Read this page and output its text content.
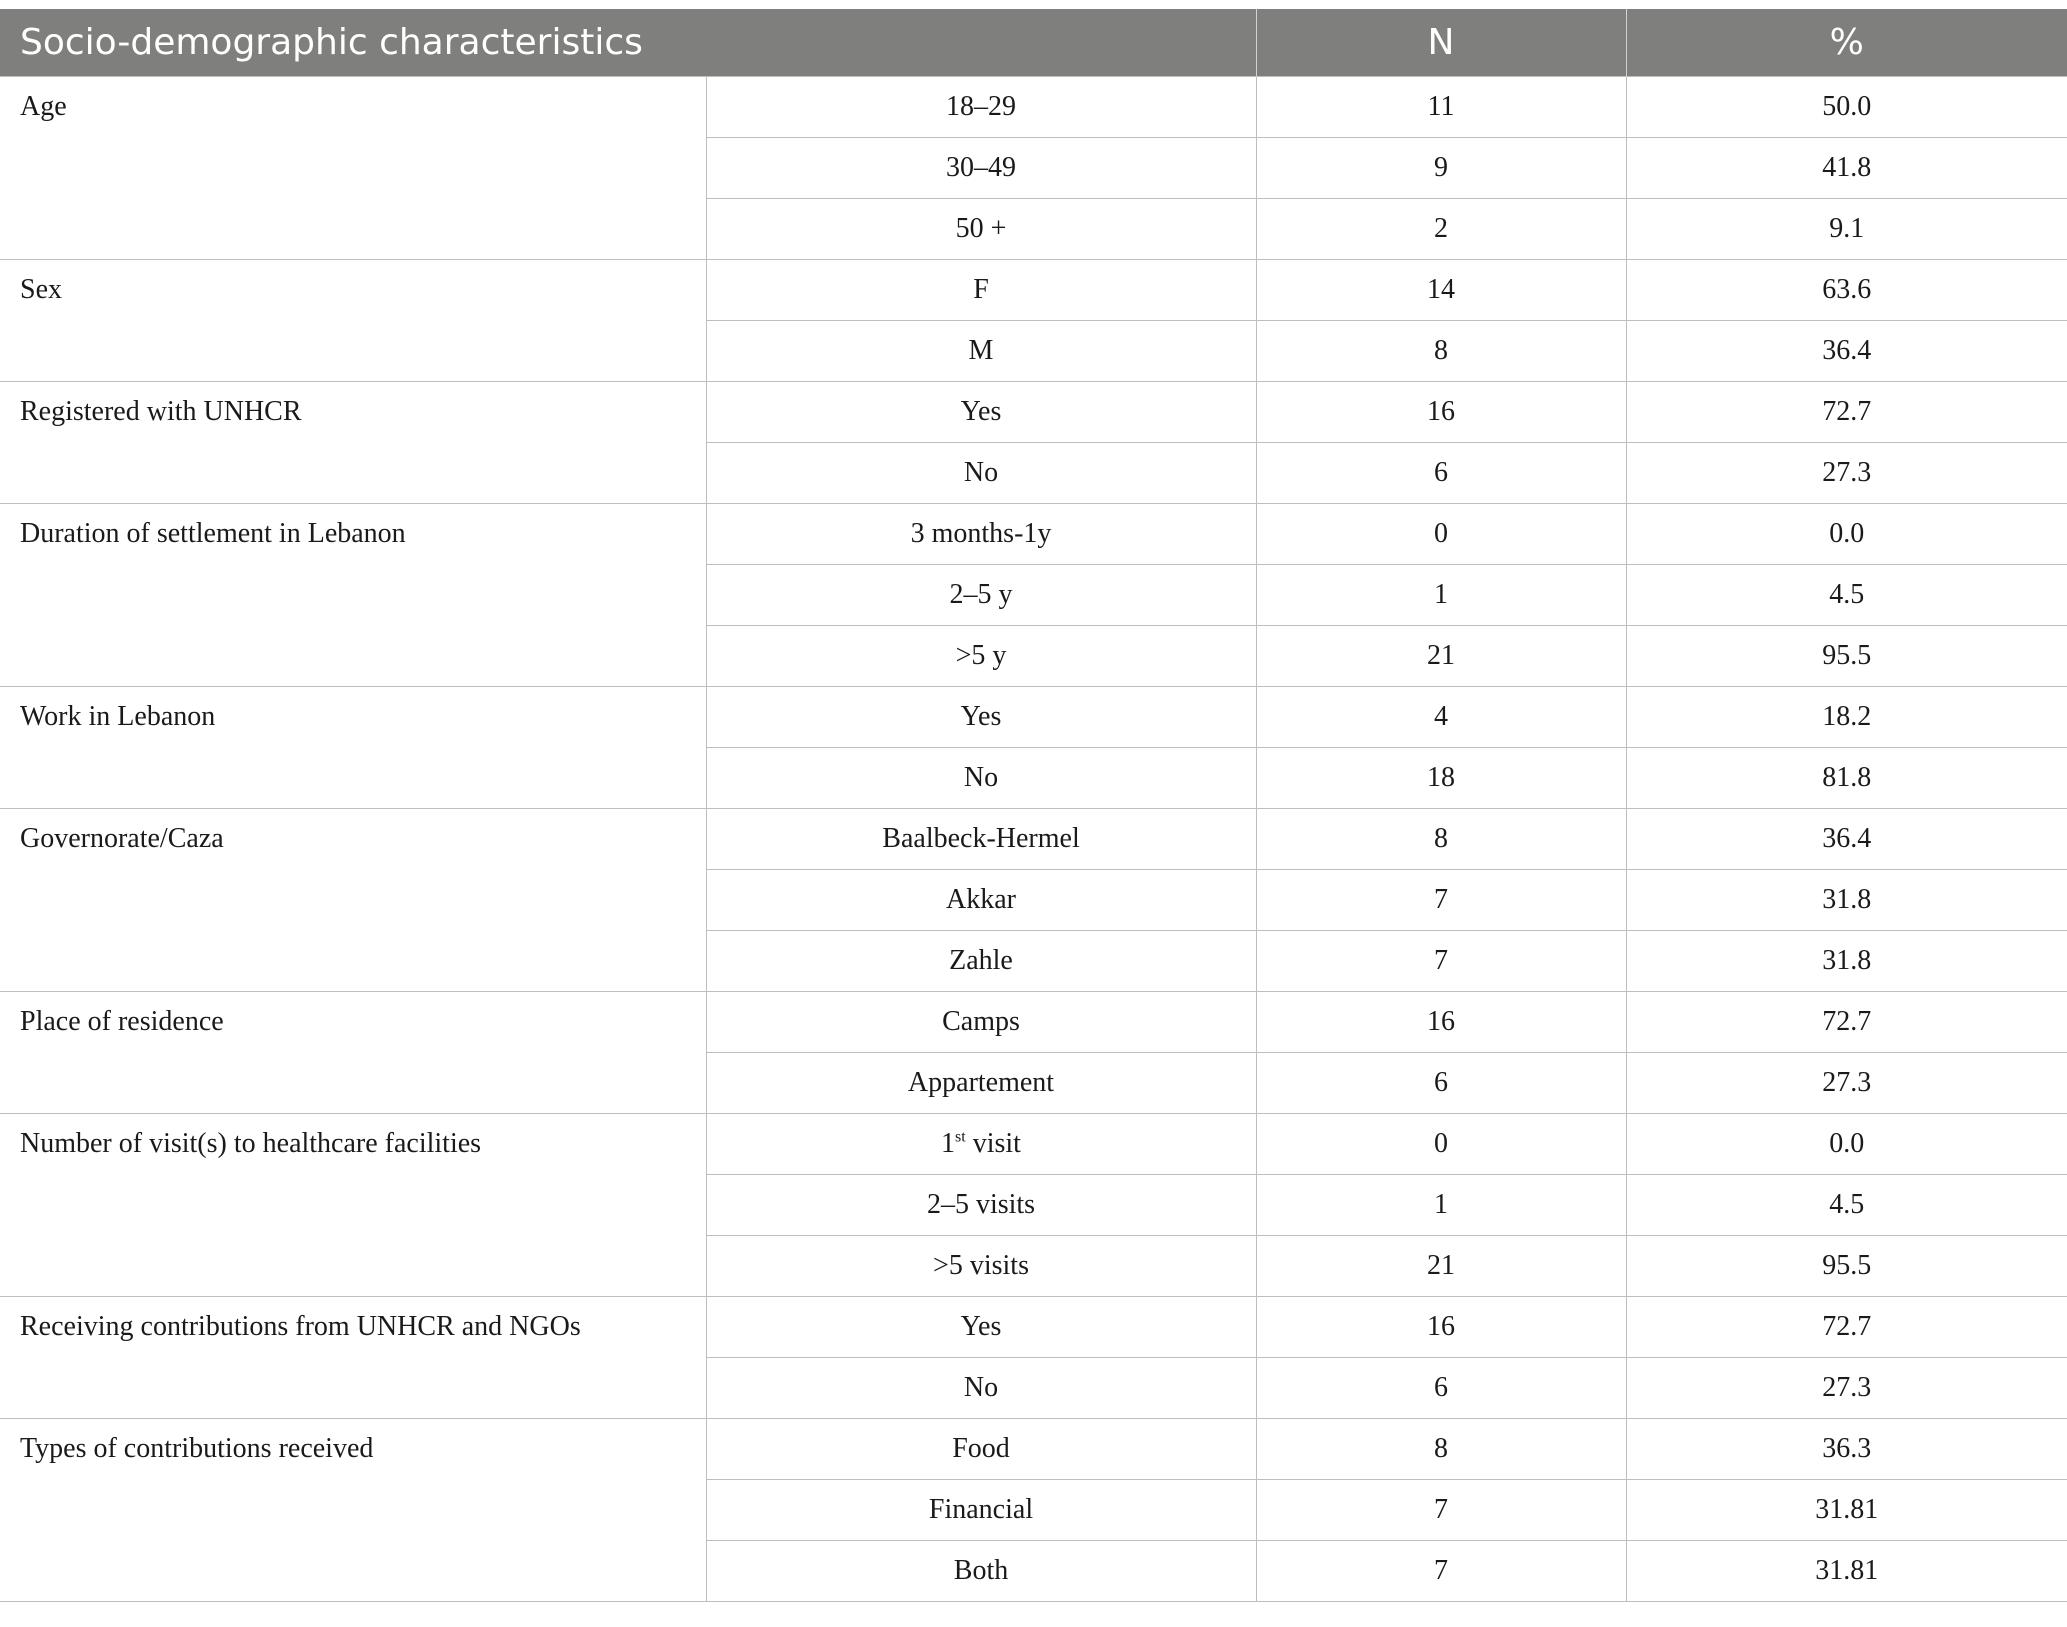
Socio-demographic characteristics		N	%
Age	18–29	11	50.0
	30–49	9	41.8
	50 +	2	9.1
Sex	F	14	63.6
	M	8	36.4
Registered with UNHCR	Yes	16	72.7
	No	6	27.3
Duration of settlement in Lebanon	3 months-1y	0	0.0
	2–5 y	1	4.5
	>5 y	21	95.5
Work in Lebanon	Yes	4	18.2
	No	18	81.8
Governorate/Caza	Baalbeck-Hermel	8	36.4
	Akkar	7	31.8
	Zahle	7	31.8
Place of residence	Camps	16	72.7
	Appartement	6	27.3
Number of visit(s) to healthcare facilities	1st visit	0	0.0
	2–5 visits	1	4.5
	>5 visits	21	95.5
Receiving contributions from UNHCR and NGOs	Yes	16	72.7
	No	6	27.3
Types of contributions received	Food	8	36.3
	Financial	7	31.81
	Both	7	31.81
